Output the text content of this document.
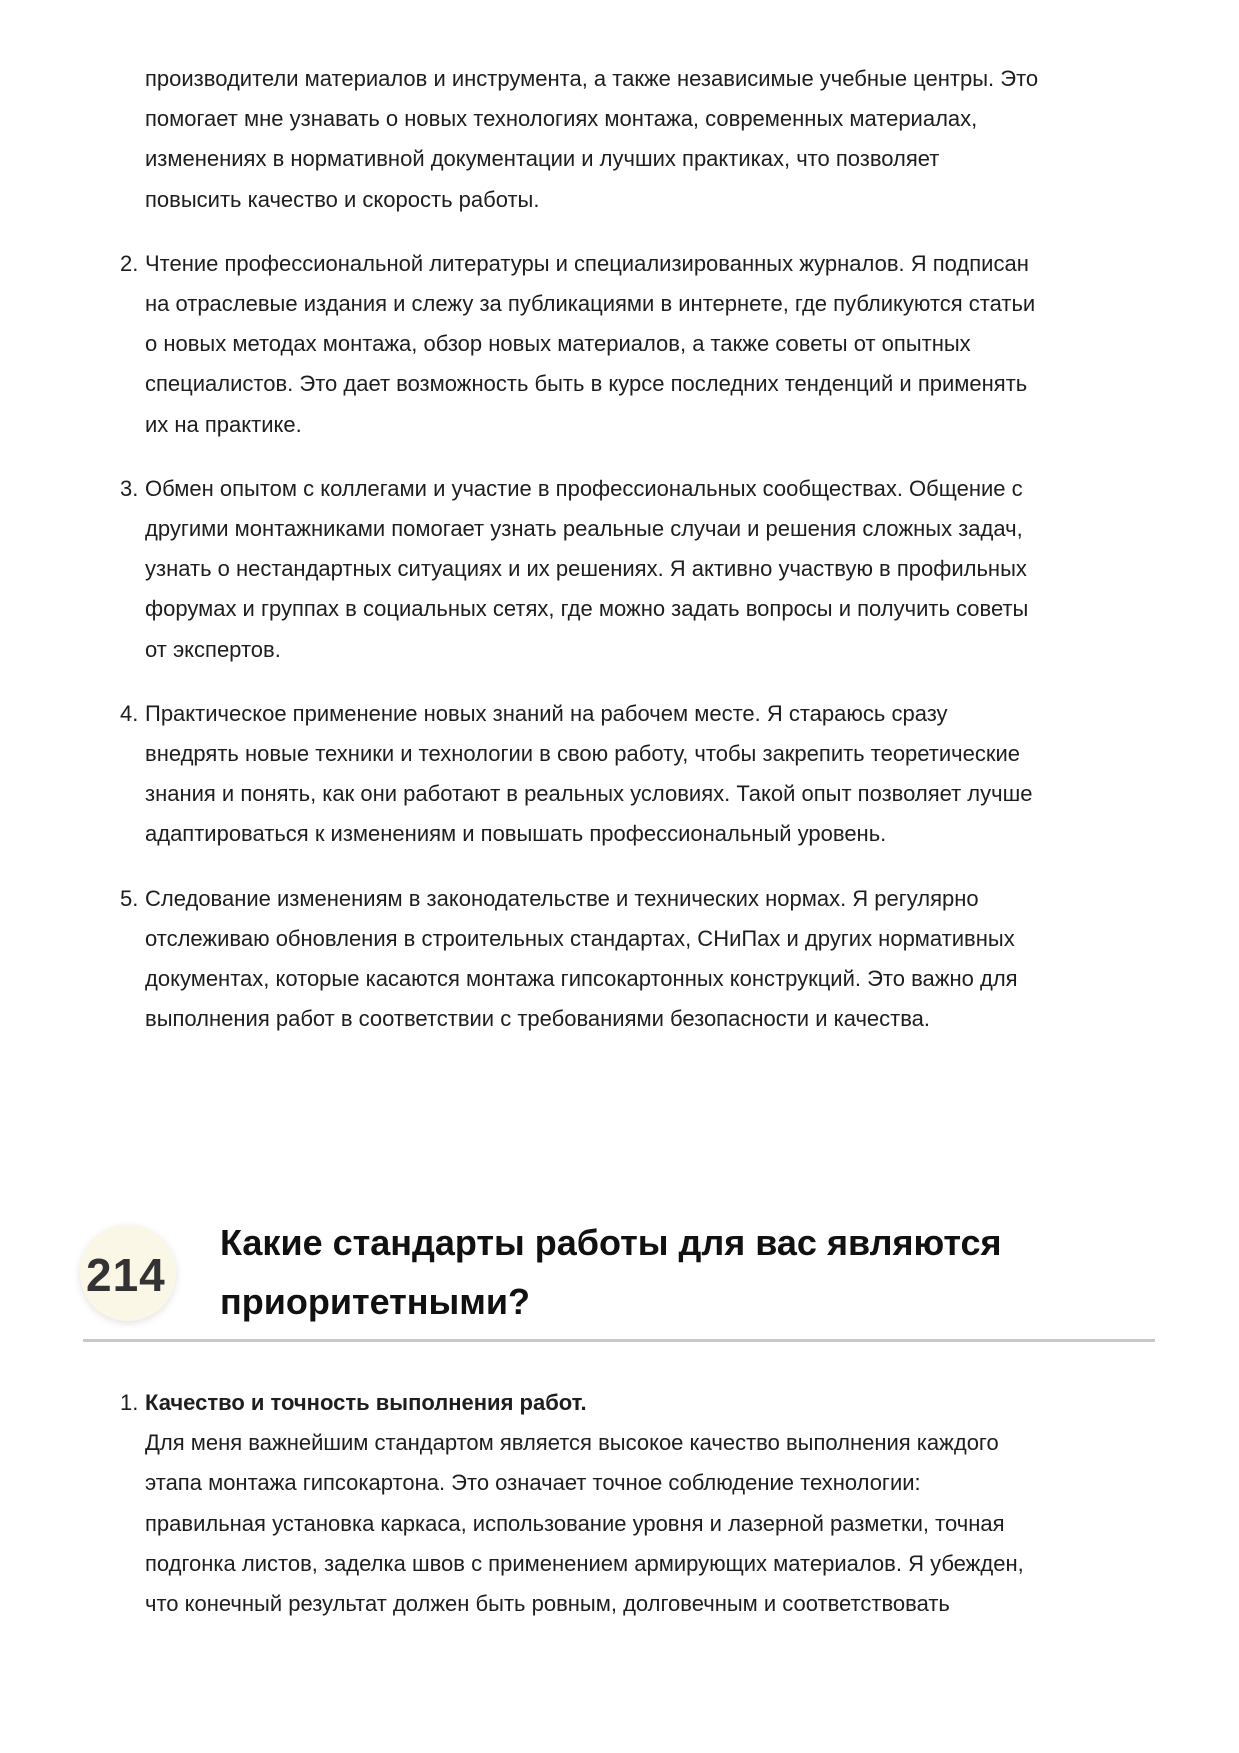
производители материалов и инструмента, а также независимые учебные центры. Это
помогает мне узнавать о новых технологиях монтажа, современных материалах,
изменениях в нормативной документации и лучших практиках, что позволяет
повысить качество и скорость работы.
2. Чтение профессиональной литературы и специализированных журналов. Я подписан
на отраслевые издания и слежу за публикациями в интернете, где публикуются статьи
о новых методах монтажа, обзор новых материалов, а также советы от опытных
специалистов. Это дает возможность быть в курсе последних тенденций и применять
их на практике.
3. Обмен опытом с коллегами и участие в профессиональных сообществах. Общение с
другими монтажниками помогает узнать реальные случаи и решения сложных задач,
узнать о нестандартных ситуациях и их решениях. Я активно участвую в профильных
форумах и группах в социальных сетях, где можно задать вопросы и получить советы
от экспертов.
4. Практическое применение новых знаний на рабочем месте. Я стараюсь сразу
внедрять новые техники и технологии в свою работу, чтобы закрепить теоретические
знания и понять, как они работают в реальных условиях. Такой опыт позволяет лучше
адаптироваться к изменениям и повышать профессиональный уровень.
5. Следование изменениям в законодательстве и технических нормах. Я регулярно
отслеживаю обновления в строительных стандартах, СНиПах и других нормативных
документах, которые касаются монтажа гипсокартонных конструкций. Это важно для
выполнения работ в соответствии с требованиями безопасности и качества.
214
Какие стандарты работы для вас являются
приоритетными?
1. Качество и точность выполнения работ.
Для меня важнейшим стандартом является высокое качество выполнения каждого
этапа монтажа гипсокартона. Это означает точное соблюдение технологии:
правильная установка каркаса, использование уровня и лазерной разметки, точная
подгонка листов, заделка швов с применением армирующих материалов. Я убежден,
что конечный результат должен быть ровным, долговечным и соответствовать
